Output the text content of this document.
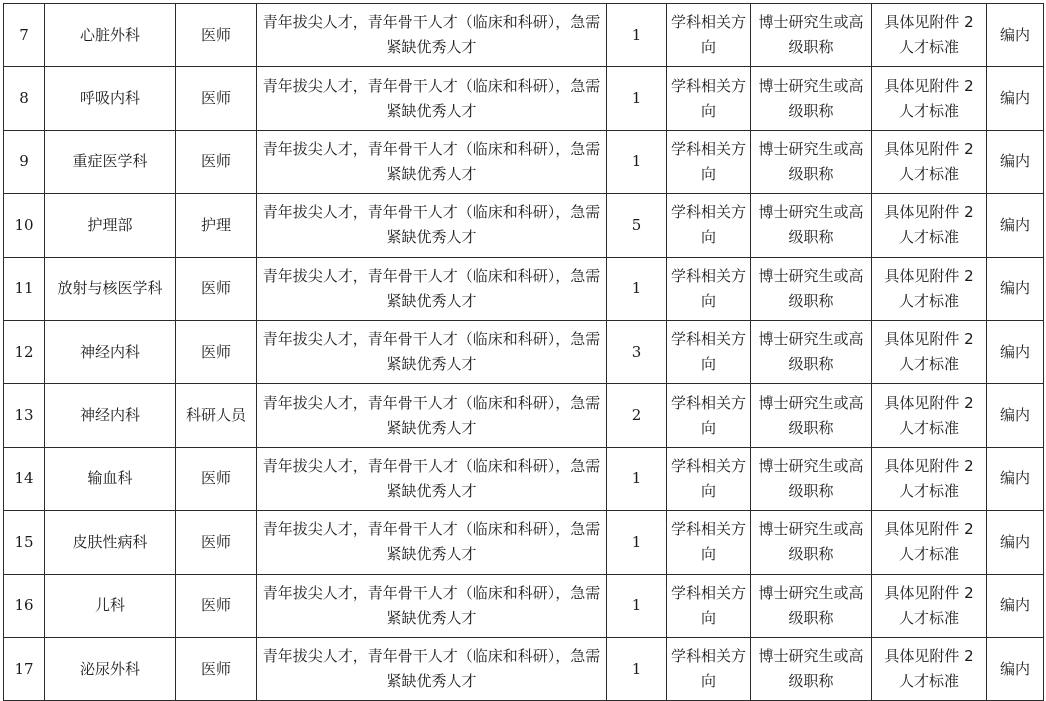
7	心脏外科	医师	青年拔尖人才，青年骨干人才（临床和科研），急需紧缺优秀人才	1	学科相关方向	博士研究生或高级职称	具体见附件 2 人才标准	编内
8	呼吸内科	医师	青年拔尖人才，青年骨干人才（临床和科研），急需紧缺优秀人才	1	学科相关方向	博士研究生或高级职称	具体见附件 2 人才标准	编内
9	重症医学科	医师	青年拔尖人才，青年骨干人才（临床和科研），急需紧缺优秀人才	1	学科相关方向	博士研究生或高级职称	具体见附件 2 人才标准	编内
10	护理部	护理	青年拔尖人才，青年骨干人才（临床和科研），急需紧缺优秀人才	5	学科相关方向	博士研究生或高级职称	具体见附件 2 人才标准	编内
11	放射与核医学科	医师	青年拔尖人才，青年骨干人才（临床和科研），急需紧缺优秀人才	1	学科相关方向	博士研究生或高级职称	具体见附件 2 人才标准	编内
12	神经内科	医师	青年拔尖人才，青年骨干人才（临床和科研），急需紧缺优秀人才	3	学科相关方向	博士研究生或高级职称	具体见附件 2 人才标准	编内
13	神经内科	科研人员	青年拔尖人才，青年骨干人才（临床和科研），急需紧缺优秀人才	2	学科相关方向	博士研究生或高级职称	具体见附件 2 人才标准	编内
14	输血科	医师	青年拔尖人才，青年骨干人才（临床和科研），急需紧缺优秀人才	1	学科相关方向	博士研究生或高级职称	具体见附件 2 人才标准	编内
15	皮肤性病科	医师	青年拔尖人才，青年骨干人才（临床和科研），急需紧缺优秀人才	1	学科相关方向	博士研究生或高级职称	具体见附件 2 人才标准	编内
16	儿科	医师	青年拔尖人才，青年骨干人才（临床和科研），急需紧缺优秀人才	1	学科相关方向	博士研究生或高级职称	具体见附件 2 人才标准	编内
17	泌尿外科	医师	青年拔尖人才，青年骨干人才（临床和科研），急需紧缺优秀人才	1	学科相关方向	博士研究生或高级职称	具体见附件 2 人才标准	编内
